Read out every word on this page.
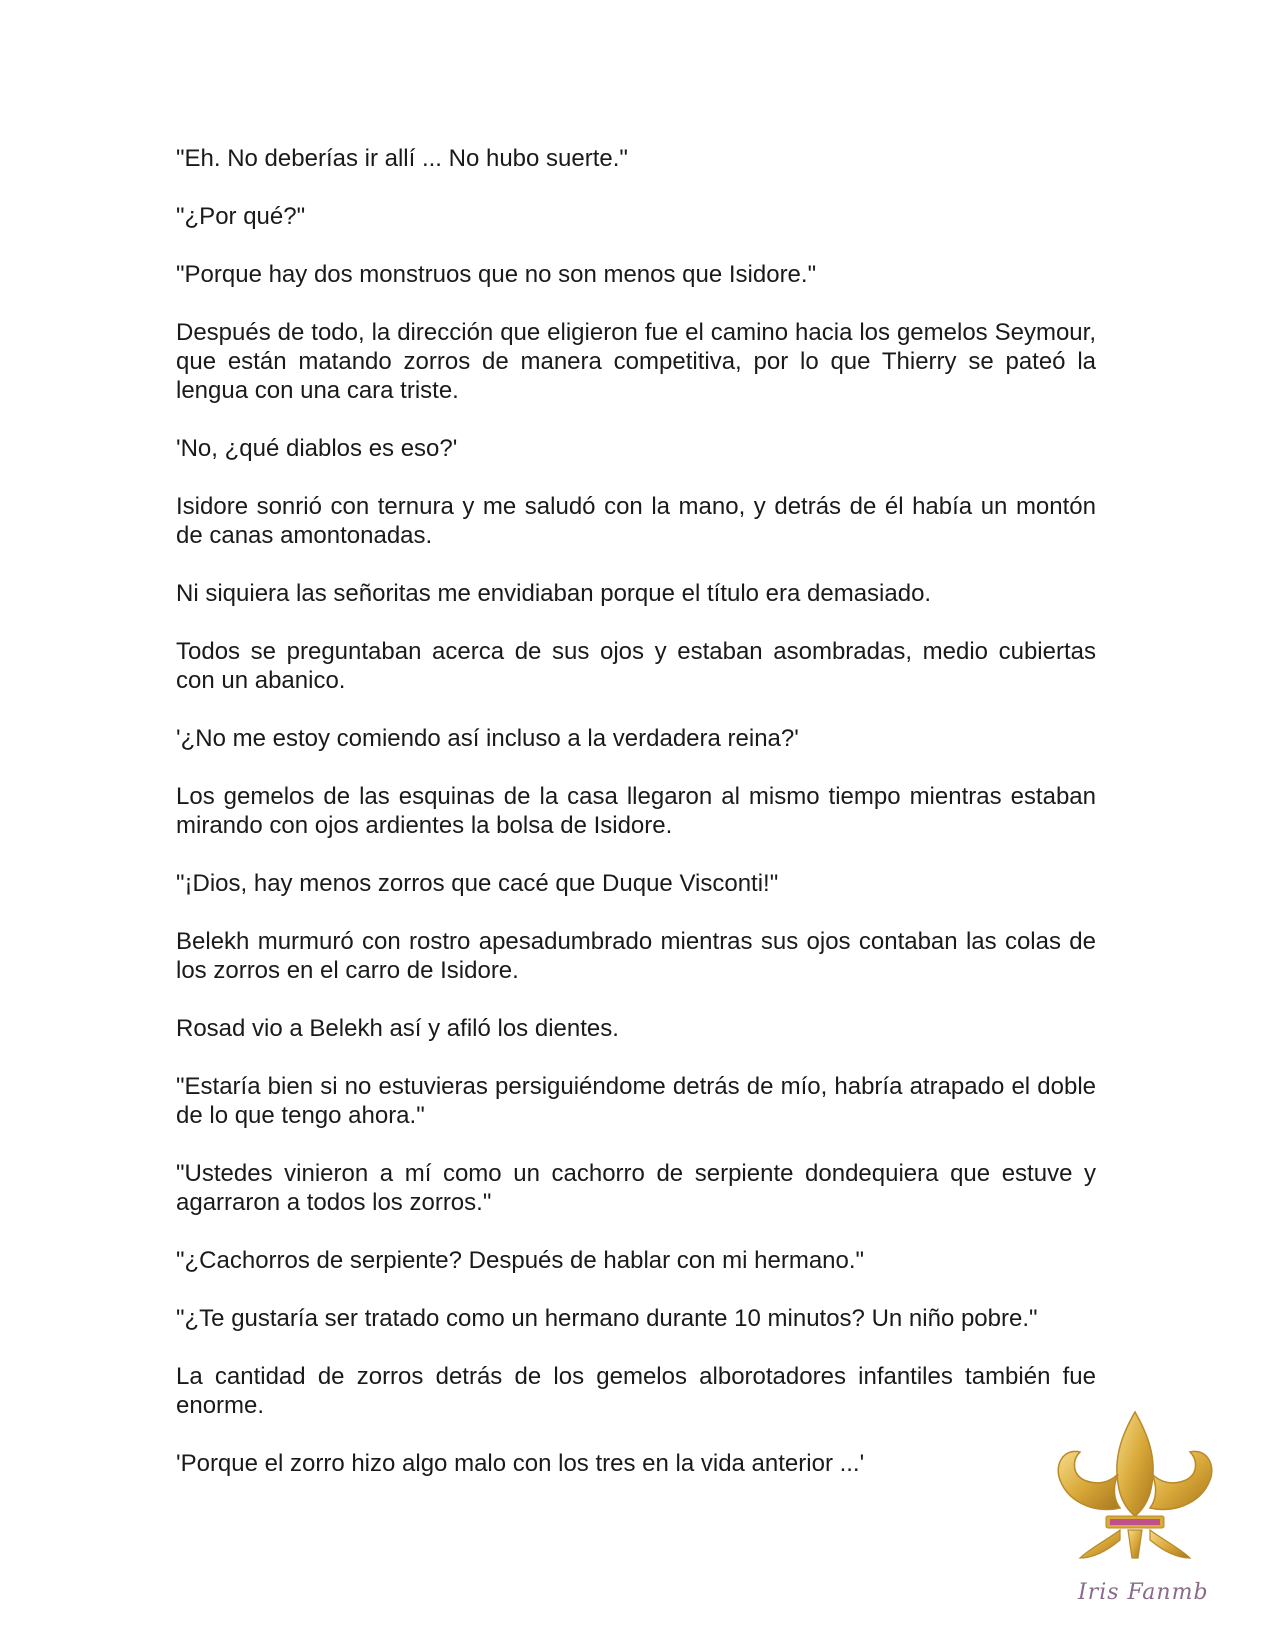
"Eh. No deberías ir allí ... No hubo suerte."

"¿Por qué?"

"Porque hay dos monstruos que no son menos que Isidore."

Después de todo, la dirección que eligieron fue el camino hacia los gemelos Seymour, que están matando zorros de manera competitiva, por lo que Thierry se pateó la lengua con una cara triste.

'No, ¿qué diablos es eso?'

Isidore sonrió con ternura y me saludó con la mano, y detrás de él había un montón de canas amontonadas.

Ni siquiera las señoritas me envidiaban porque el título era demasiado.

Todos se preguntaban acerca de sus ojos y estaban asombradas, medio cubiertas con un abanico.

'¿No me estoy comiendo así incluso a la verdadera reina?'

Los gemelos de las esquinas de la casa llegaron al mismo tiempo mientras estaban mirando con ojos ardientes la bolsa de Isidore.

"¡Dios, hay menos zorros que cacé que Duque Visconti!"

Belekh murmuró con rostro apesadumbrado mientras sus ojos contaban las colas de los zorros en el carro de Isidore.

Rosad vio a Belekh así y afiló los dientes.

"Estaría bien si no estuvieras persiguiéndome detrás de mío, habría atrapado el doble de lo que tengo ahora."

"Ustedes vinieron a mí como un cachorro de serpiente dondequiera que estuve y agarraron a todos los zorros."

"¿Cachorros de serpiente? Después de hablar con mi hermano."

"¿Te gustaría ser tratado como un hermano durante 10 minutos? Un niño pobre."

La cantidad de zorros detrás de los gemelos alborotadores infantiles también fue enorme.

'Porque el zorro hizo algo malo con los tres en la vida anterior ...'

Iris Fanmb
